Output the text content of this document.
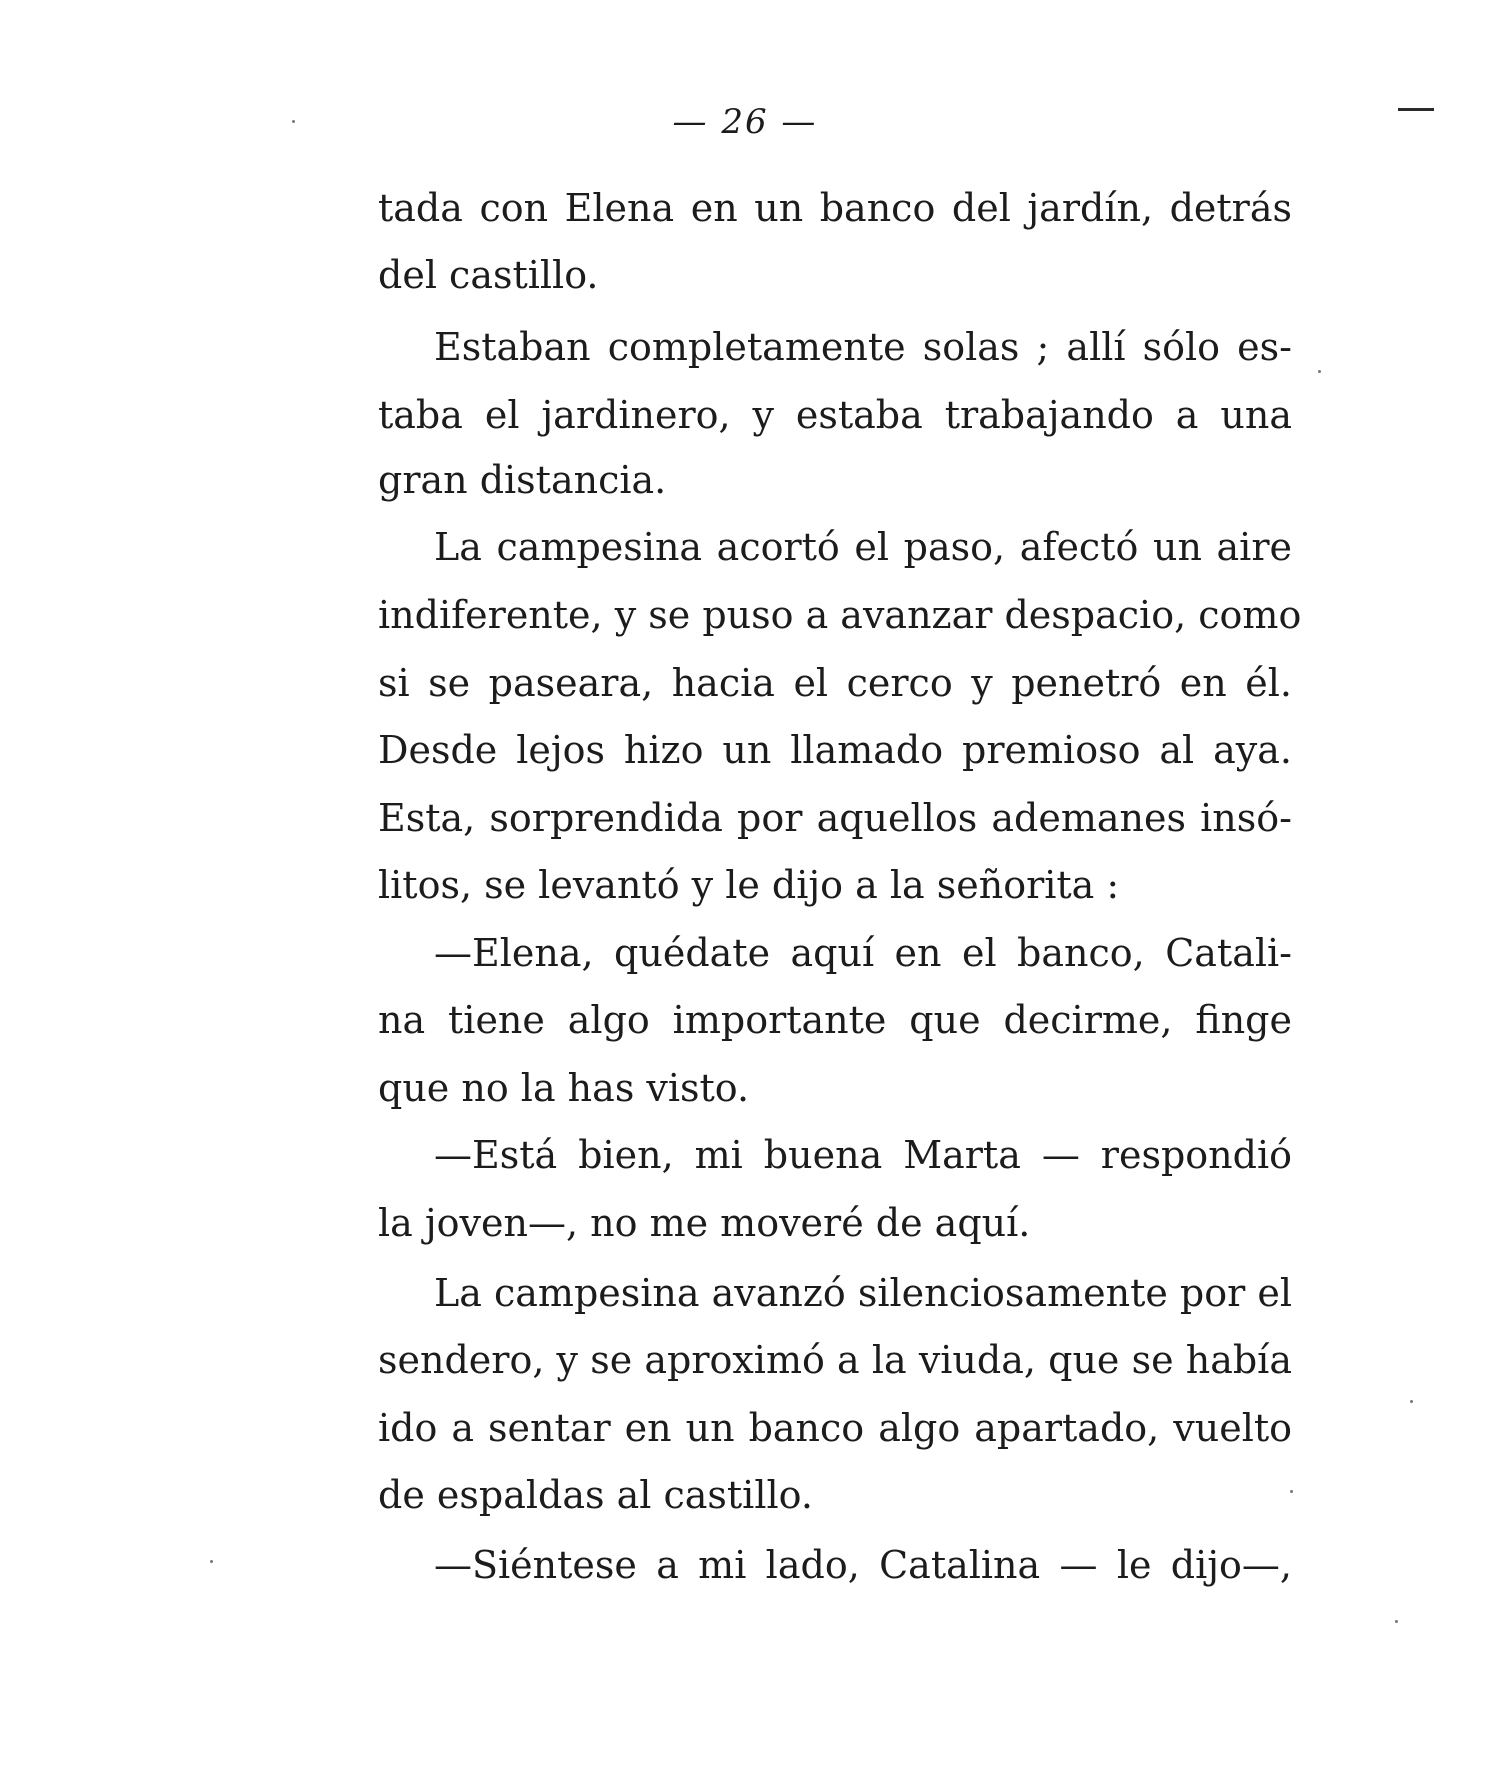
— 26 —
tada con Elena en un banco del jardín, detrás
del castillo.
Estaban completamente solas ; allí sólo es-
taba el jardinero, y estaba trabajando a una
gran distancia.
La campesina acortó el paso, afectó un aire
indiferente, y se puso a avanzar despacio, como
si se paseara, hacia el cerco y penetró en él.
Desde lejos hizo un llamado premioso al aya.
Esta, sorprendida por aquellos ademanes insó-
litos, se levantó y le dijo a la señorita :
—Elena, quédate aquí en el banco, Catali-
na tiene algo importante que decirme, finge
que no la has visto.
—Está bien, mi buena Marta — respondió
la joven—, no me moveré de aquí.
La campesina avanzó silenciosamente por el
sendero, y se aproximó a la viuda, que se había
ido a sentar en un banco algo apartado, vuelto
de espaldas al castillo.
—Siéntese a mi lado, Catalina — le dijo—,
